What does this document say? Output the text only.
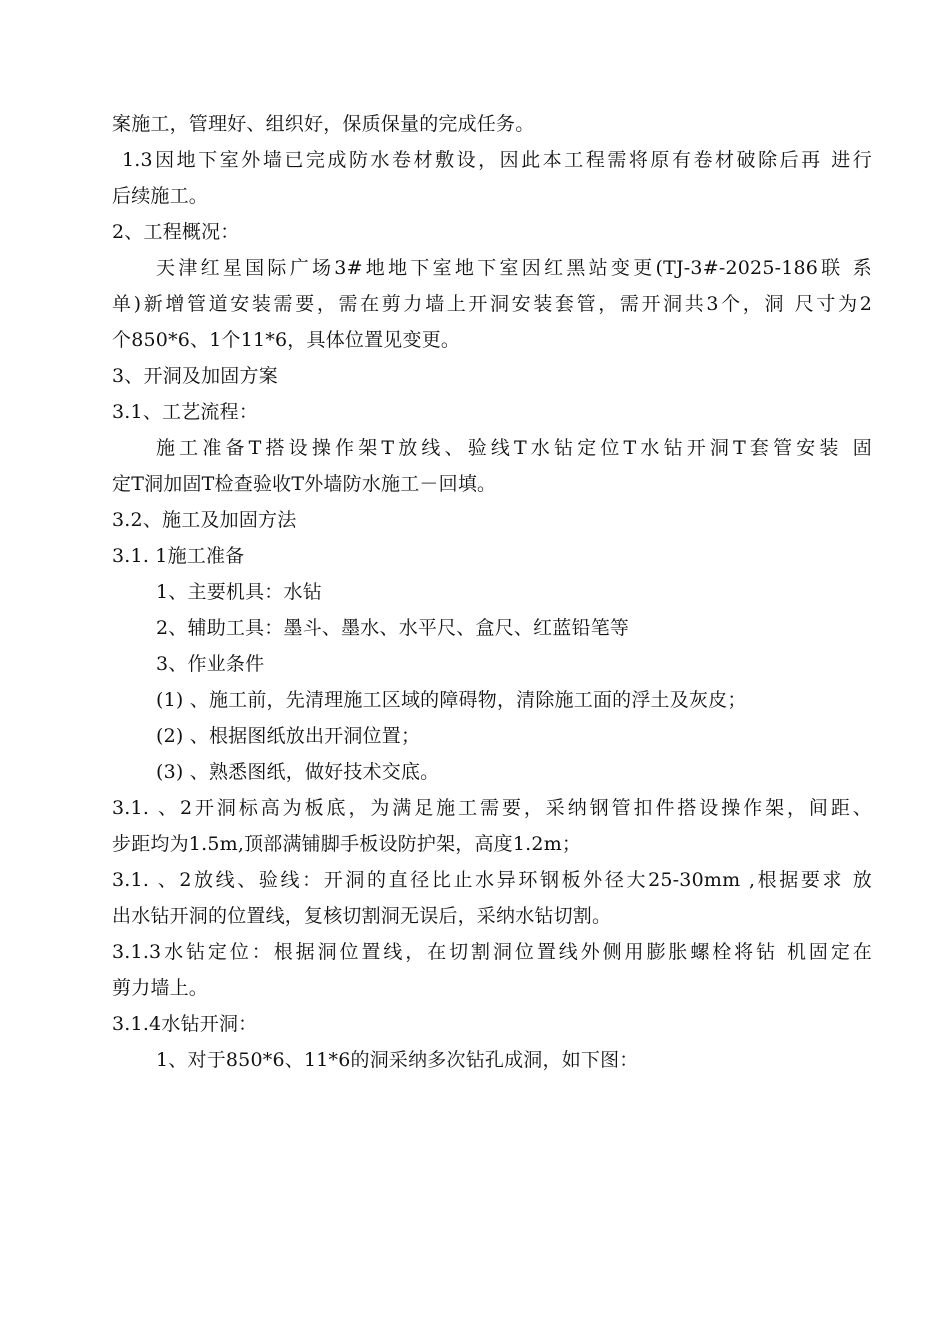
案施工，管理好、组织好，保质保量的完成任务。
1.3因地下室外墙已完成防水卷材敷设，因此本工程需将原有卷材破除后再 进行
后续施工。
2、工程概况：
天津红星国际广场3#地地下室地下室因红黑站变更(TJ-3#-2025-186联 系
单)新增管道安装需要，需在剪力墙上开洞安装套管，需开洞共3个，洞 尺寸为2
个850*6、1个11*6，具体位置见变更。
3、开洞及加固方案
3.1、工艺流程：
施工准备T搭设操作架T放线、验线T水钻定位T水钻开洞T套管安装 固
定T洞加固T检查验收T外墙防水施工－回填。
3.2、施工及加固方法
3.1. 1施工准备
1、主要机具：水钻
2、辅助工具：墨斗、墨水、水平尺、盒尺、红蓝铅笔等
3、作业条件
(1) 、施工前，先清理施工区域的障碍物，清除施工面的浮土及灰皮；
(2) 、根据图纸放出开洞位置；
(3) 、熟悉图纸，做好技术交底。
3.1. 、2开洞标高为板底，为满足施工需要，采纳钢管扣件搭设操作架，间距、
步距均为1.5m,顶部满铺脚手板设防护架，高度1.2m；
3.1. 、2放线、验线：开洞的直径比止水异环钢板外径大25-30mm ,根据要求 放
出水钻开洞的位置线，复核切割洞无误后，采纳水钻切割。
3.1.3水钻定位：根据洞位置线，在切割洞位置线外侧用膨胀螺栓将钻 机固定在
剪力墙上。
3.1.4水钻开洞：
1、对于850*6、11*6的洞采纳多次钻孔成洞，如下图：
